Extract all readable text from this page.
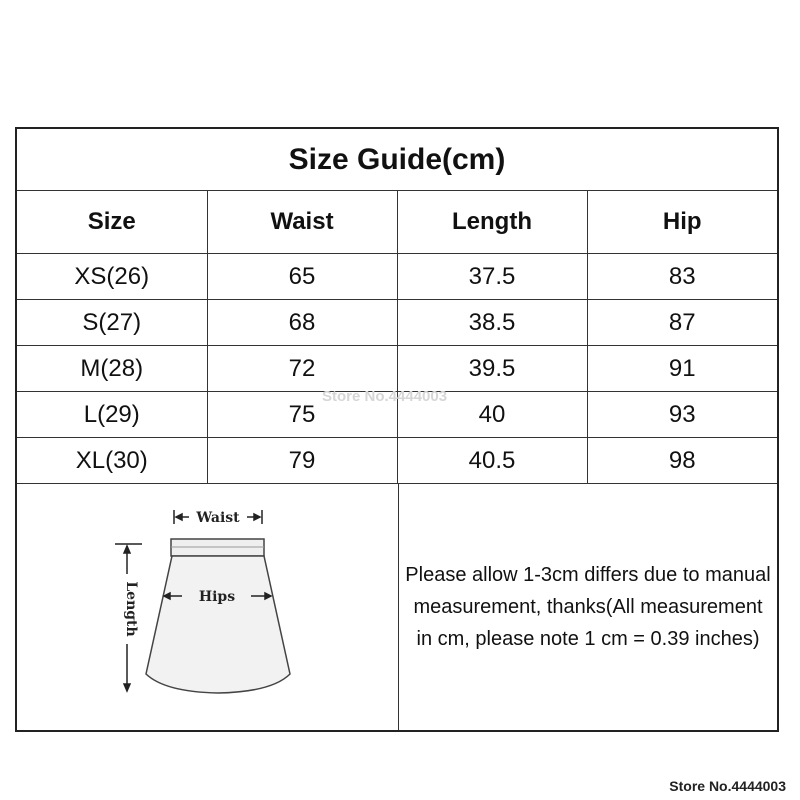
Size Guide(cm)
Size	Waist	Length	Hip
XS(26)	65	37.5	83
S(27)	68	38.5	87
M(28)	72	39.5	91
L(29)	75	40	93
XL(30)	79	40.5	98
Waist
Hips
Length
Please allow 1-3cm differs due to manual measurement, thanks(All measurement in cm, please note 1 cm = 0.39 inches)
Store No.4444003
Store No.4444003
